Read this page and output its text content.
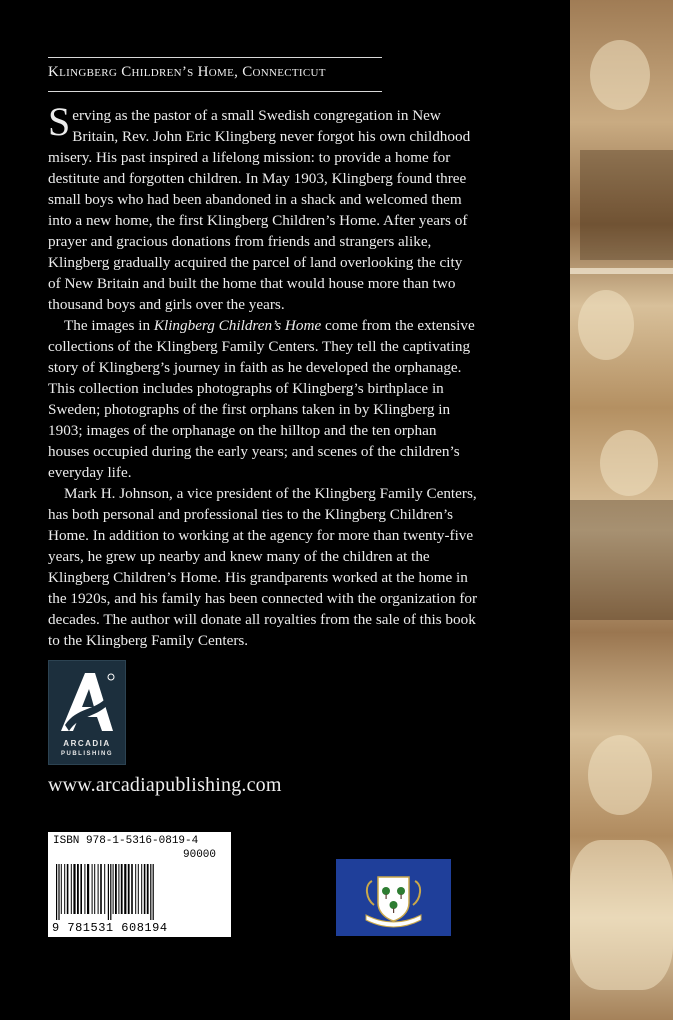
Klingberg Children’s Home, Connecticut

Serving as the pastor of a small Swedish congregation in New Britain, Rev. John Eric Klingberg never forgot his own childhood misery. His past inspired a lifelong mission: to provide a home for destitute and forgotten children. In May 1903, Klingberg found three small boys who had been abandoned in a shack and welcomed them into a new home, the first Klingberg Children’s Home. After years of prayer and gracious donations from friends and strangers alike, Klingberg gradually acquired the parcel of land overlooking the city of New Britain and built the home that would house more than two thousand boys and girls over the years.

The images in Klingberg Children’s Home come from the extensive collections of the Klingberg Family Centers. They tell the captivating story of Klingberg’s journey in faith as he developed the orphanage. This collection includes photographs of Klingberg’s birthplace in Sweden; photographs of the first orphans taken in by Klingberg in 1903; images of the orphanage on the hilltop and the ten orphan houses occupied during the early years; and scenes of the children’s everyday life.

Mark H. Johnson, a vice president of the Klingberg Family Centers, has both personal and professional ties to the Klingberg Children’s Home. In addition to working at the agency for more than twenty-five years, he grew up nearby and knew many of the children at the Klingberg Children’s Home. His grandparents worked at the home in the 1920s, and his family has been connected with the organization for decades. The author will donate all royalties from the sale of this book to the Klingberg Family Centers.

ARCADIA
PUBLISHING
www.arcadiapublishing.com
ISBN 978-1-5316-0819-4
90000
9 781531 608194
